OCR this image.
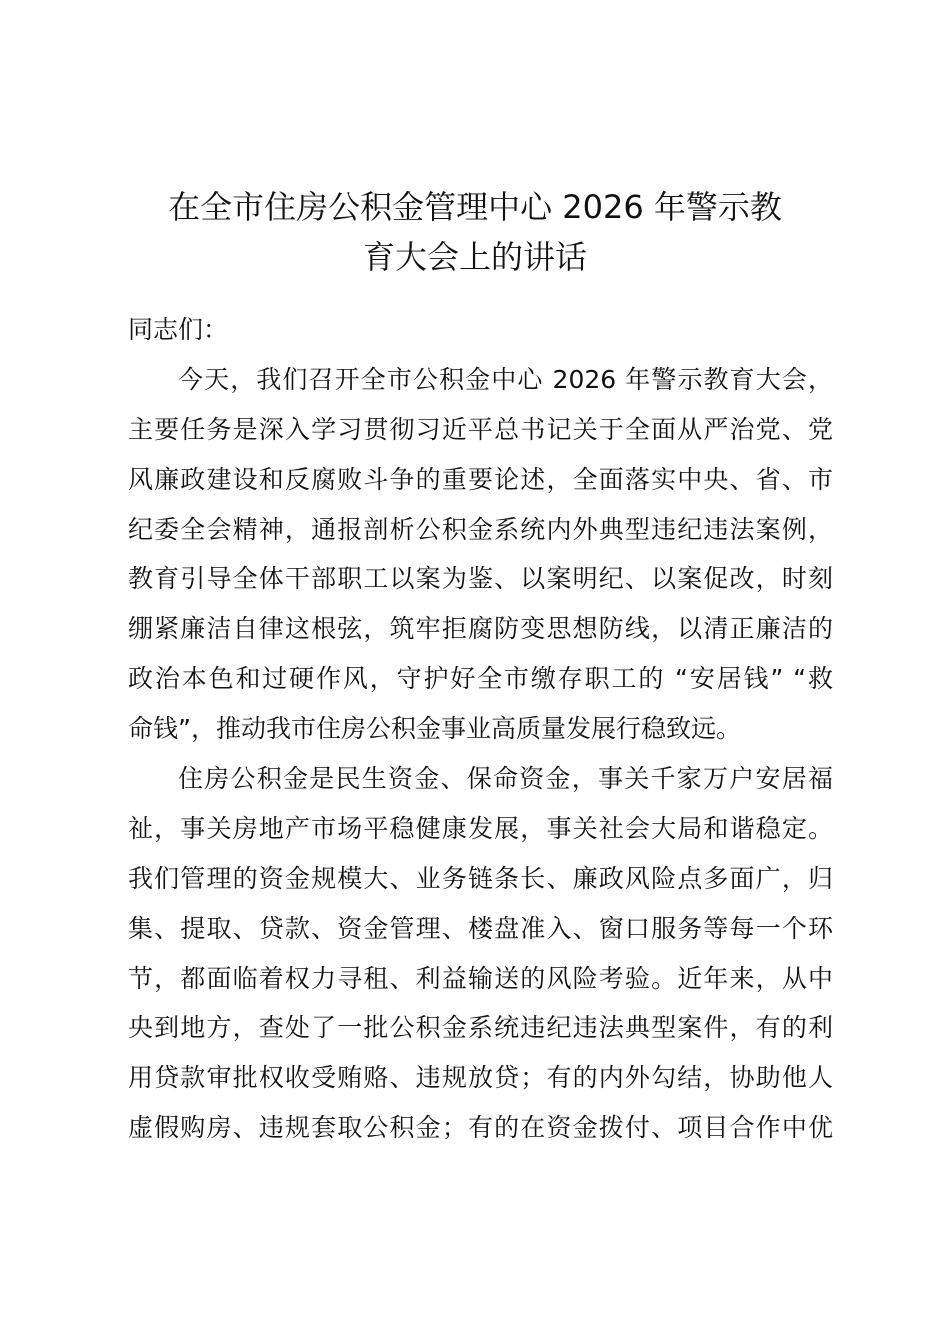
在全市住房公积金管理中心 2026 年警示教
育大会上的讲话
同志们：
今天，我们召开全市公积金中心 2026 年警示教育大会，
主要任务是深入学习贯彻习近平总书记关于全面从严治党、党
风廉政建设和反腐败斗争的重要论述，全面落实中央、省、市
纪委全会精神，通报剖析公积金系统内外典型违纪违法案例，
教育引导全体干部职工以案为鉴、以案明纪、以案促改，时刻
绷紧廉洁自律这根弦，筑牢拒腐防变思想防线，以清正廉洁的
政治本色和过硬作风，守护好全市缴存职工的 “安居钱” “救
命钱”，推动我市住房公积金事业高质量发展行稳致远。
住房公积金是民生资金、保命资金，事关千家万户安居福
祉，事关房地产市场平稳健康发展，事关社会大局和谐稳定。
我们管理的资金规模大、业务链条长、廉政风险点多面广，归
集、提取、贷款、资金管理、楼盘准入、窗口服务等每一个环
节，都面临着权力寻租、利益输送的风险考验。近年来，从中
央到地方，查处了一批公积金系统违纪违法典型案件，有的利
用贷款审批权收受贿赂、违规放贷；有的内外勾结，协助他人
虚假购房、违规套取公积金；有的在资金拨付、项目合作中优
